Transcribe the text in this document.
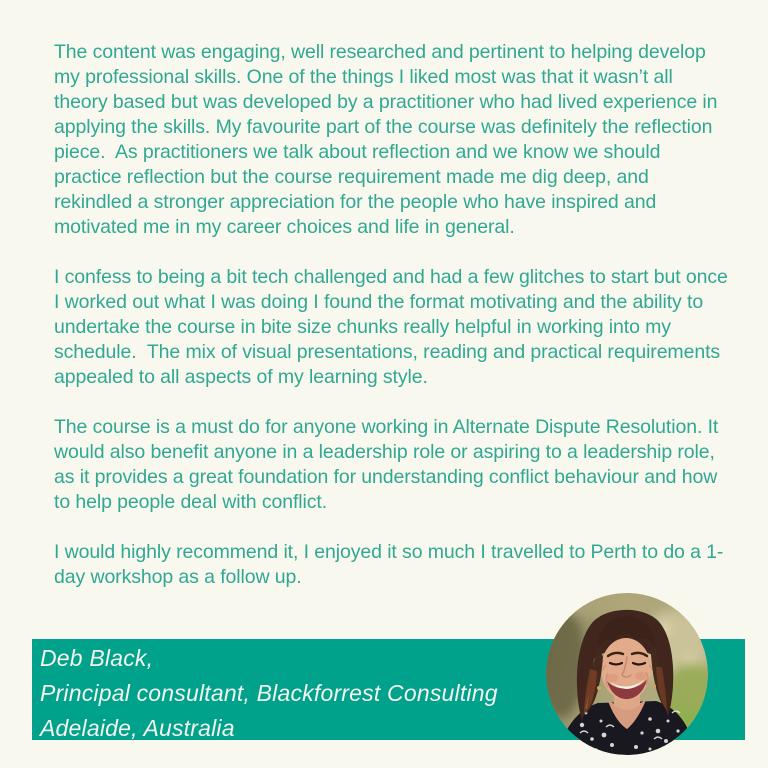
The content was engaging, well researched and pertinent to helping develop my professional skills. One of the things I liked most was that it wasn’t all theory based but was developed by a practitioner who had lived experience in applying the skills. My favourite part of the course was definitely the reflection piece.  As practitioners we talk about reflection and we know we should practice reflection but the course requirement made me dig deep, and rekindled a stronger appreciation for the people who have inspired and motivated me in my career choices and life in general.

I confess to being a bit tech challenged and had a few glitches to start but once I worked out what I was doing I found the format motivating and the ability to undertake the course in bite size chunks really helpful in working into my schedule.  The mix of visual presentations, reading and practical requirements appealed to all aspects of my learning style.

The course is a must do for anyone working in Alternate Dispute Resolution. It would also benefit anyone in a leadership role or aspiring to a leadership role, as it provides a great foundation for understanding conflict behaviour and how to help people deal with conflict.

I would highly recommend it, I enjoyed it so much I travelled to Perth to do a 1-day workshop as a follow up.

Deb Black,
Principal consultant, Blackforrest Consulting
Adelaide, Australia
